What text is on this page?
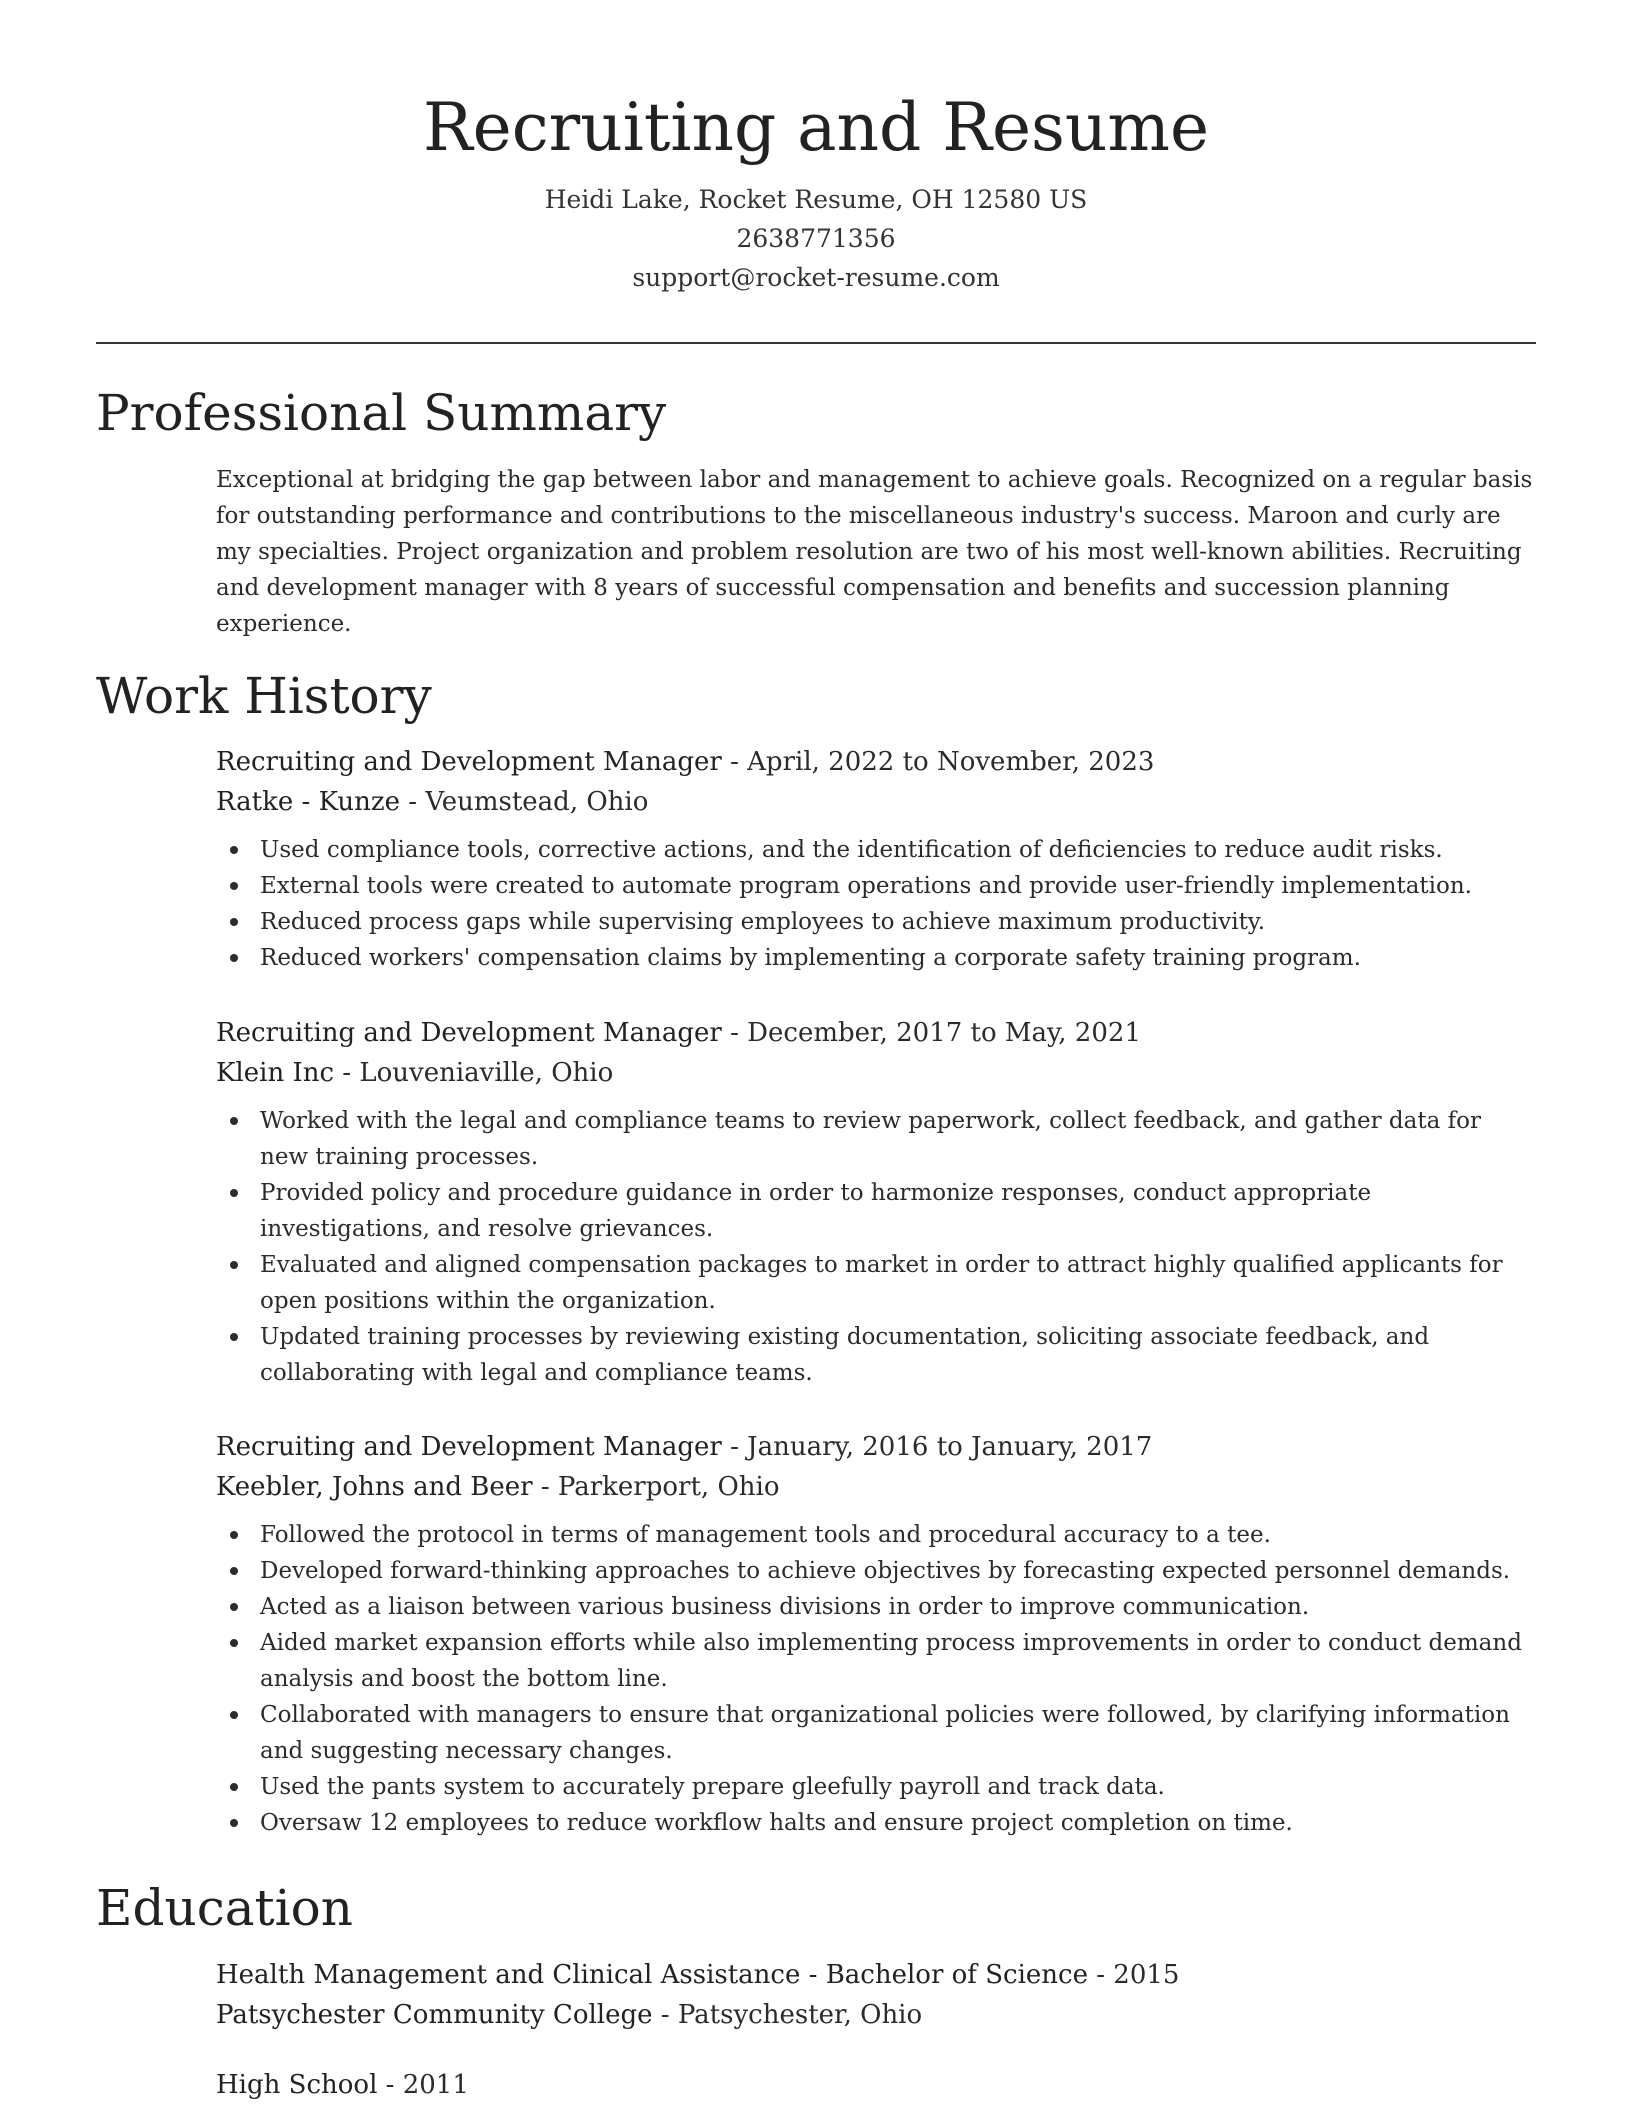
Recruiting and Resume
Heidi Lake, Rocket Resume, OH 12580 US
2638771356
support@rocket-resume.com
Professional Summary

Exceptional at bridging the gap between labor and management to achieve goals. Recognized on a regular basis for outstanding performance and contributions to the miscellaneous industry's success. Maroon and curly are my specialties. Project organization and problem resolution are two of his most well-known abilities. Recruiting and development manager with 8 years of successful compensation and benefits and succession planning experience.

Work History
Recruiting and Development Manager - April, 2022 to November, 2023
Ratke - Kunze - Veumstead, Ohio
Used compliance tools, corrective actions, and the identification of deficiencies to reduce audit risks.
External tools were created to automate program operations and provide user-friendly implementation.
Reduced process gaps while supervising employees to achieve maximum productivity.
Reduced workers' compensation claims by implementing a corporate safety training program.
Recruiting and Development Manager - December, 2017 to May, 2021
Klein Inc - Louveniaville, Ohio
Worked with the legal and compliance teams to review paperwork, collect feedback, and gather data for new training processes.
Provided policy and procedure guidance in order to harmonize responses, conduct appropriate investigations, and resolve grievances.
Evaluated and aligned compensation packages to market in order to attract highly qualified applicants for open positions within the organization.
Updated training processes by reviewing existing documentation, soliciting associate feedback, and collaborating with legal and compliance teams.
Recruiting and Development Manager - January, 2016 to January, 2017
Keebler, Johns and Beer - Parkerport, Ohio
Followed the protocol in terms of management tools and procedural accuracy to a tee.
Developed forward-thinking approaches to achieve objectives by forecasting expected personnel demands.
Acted as a liaison between various business divisions in order to improve communication.
Aided market expansion efforts while also implementing process improvements in order to conduct demand analysis and boost the bottom line.
Collaborated with managers to ensure that organizational policies were followed, by clarifying information and suggesting necessary changes.
Used the pants system to accurately prepare gleefully payroll and track data.
Oversaw 12 employees to reduce workflow halts and ensure project completion on time.
Education
Health Management and Clinical Assistance - Bachelor of Science - 2015
Patsychester Community College - Patsychester, Ohio
High School - 2011
